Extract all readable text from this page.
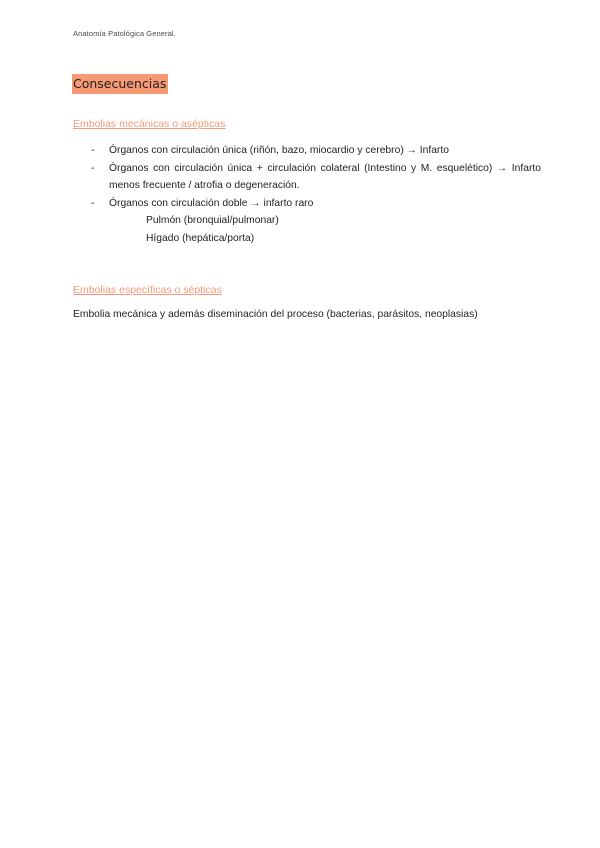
Anatomía Patológica General.
Consecuencias
Embolias mecánicas o asépticas
-	Órganos con circulación única (riñón, bazo, miocardio y cerebro) → Infarto
-	Órganos con circulación única + circulación colateral (Intestino y M. esquelético) → Infarto menos frecuente / atrofia o degeneración.
-	Órganos con circulación doble → infarto raro
Pulmón (bronquial/pulmonar)
Hígado (hepática/porta)
Embolias específicas o sépticas
Embolia mecánica y además diseminación del proceso (bacterias, parásitos, neoplasias)
